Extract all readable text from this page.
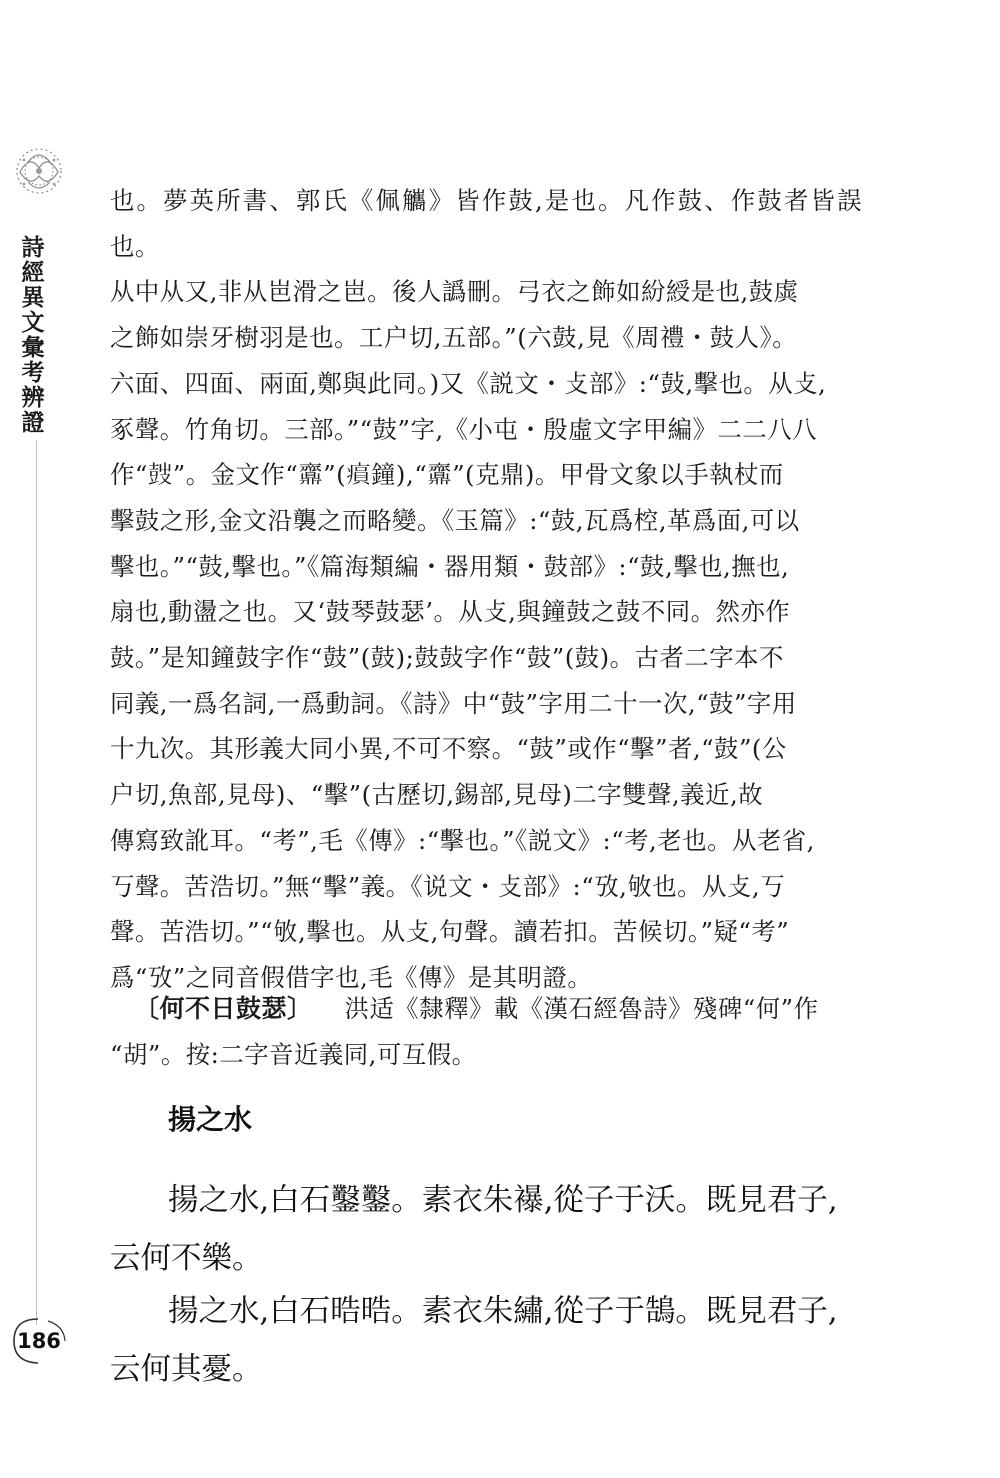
詩經異文彙考辨證
186

也。夢英所書、郭氏《佩觿》皆作鼓,是也。凡作鼓、作鼓者皆誤也。

从中从又,非从岜滑之岜。後人譌刪。弓衣之飾如紛綬是也,鼓虡

之飾如崇牙樹羽是也。工户切,五部。”(六鼓,見《周禮・鼓人》。

六面、四面、兩面,鄭與此同。)又《説文・攴部》:“鼔,擊也。从攴,

豖聲。竹角切。三部。”“鼓”字,《小屯・殷虛文字甲編》二二八八

作“𡔷”。金文作“𪔉”(𤸫鐘),“𪔉”(克鼎)。甲骨文象以手執杖而

擊鼓之形,金文沿襲之而略變。《玉篇》:“鼓,瓦爲椌,革爲面,可以

擊也。”“鼓,擊也。”《篇海類編・器用類・鼓部》:“鼓,擊也,撫也,

扇也,動盪之也。又‘鼓琴鼓瑟’。从攴,與鐘鼓之鼓不同。然亦作

鼓。”是知鐘鼓字作“鼓”(鼓);鼓鼔字作“鼓”(鼓)。古者二字本不

同義,一爲名詞,一爲動詞。《詩》中“鼓”字用二十一次,“鼓”字用

十九次。其形義大同小異,不可不察。“鼓”或作“擊”者,“鼓”(公

户切,魚部,見母)、“擊”(古歷切,錫部,見母)二字雙聲,義近,故

傳寫致訛耳。“考”,毛《傳》:“擊也。”《説文》:“考,老也。从老省,

丂聲。苦浩切。”無“擊”義。《说文・攴部》:“攷,敂也。从攴,丂

聲。苦浩切。”“敂,擊也。从攴,句聲。讀若扣。苦候切。”疑“考”

爲“攷”之同音假借字也,毛《傳》是其明證。

〔何不日鼓瑟〕 洪适《隸釋》載《漢石經魯詩》殘碑“何”作

“胡”。按:二字音近義同,可互假。

揚之水

揚之水,白石鑿鑿。素衣朱襮,從子于沃。既見君子,

云何不樂。

揚之水,白石晧晧。素衣朱繡,從子于鵠。既見君子,

云何其憂。
